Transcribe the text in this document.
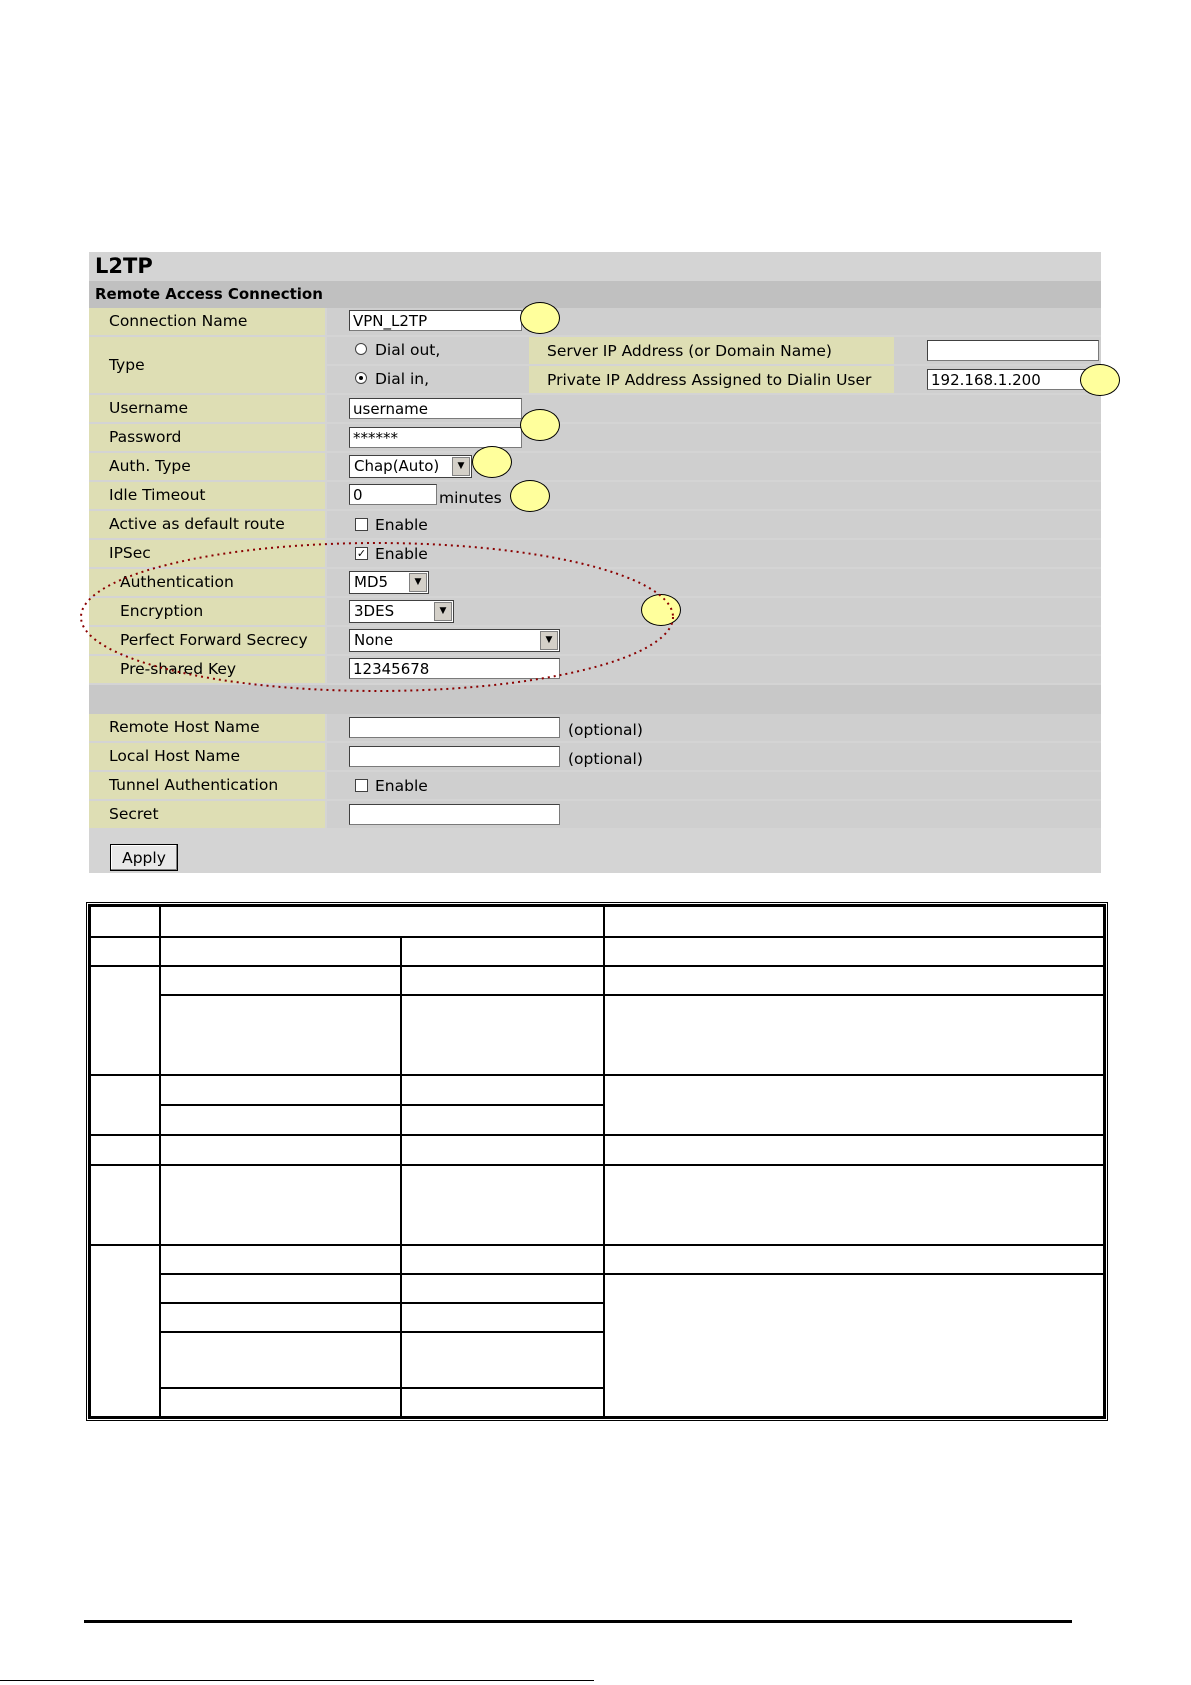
L2TP
Remote Access Connection
Connection Name	VPN_L2TP
Type
Dial out,
Dial in,
Server IP Address (or Domain Name)
Private IP Address Assigned to Dialin User	192.168.1.200
Username	username
Password	******
Auth. Type	Chap(Auto)	▼
Idle Timeout	0	minutes
Active as default route	Enable
IPSec	✓ Enable
Authentication	MD5	▼
Encryption	3DES	▼
Perfect Forward Secrecy	None	▼
Pre-shared Key	12345678
Remote Host Name	(optional)
Local Host Name	(optional)
Tunnel Authentication	Enable
Secret
Apply
